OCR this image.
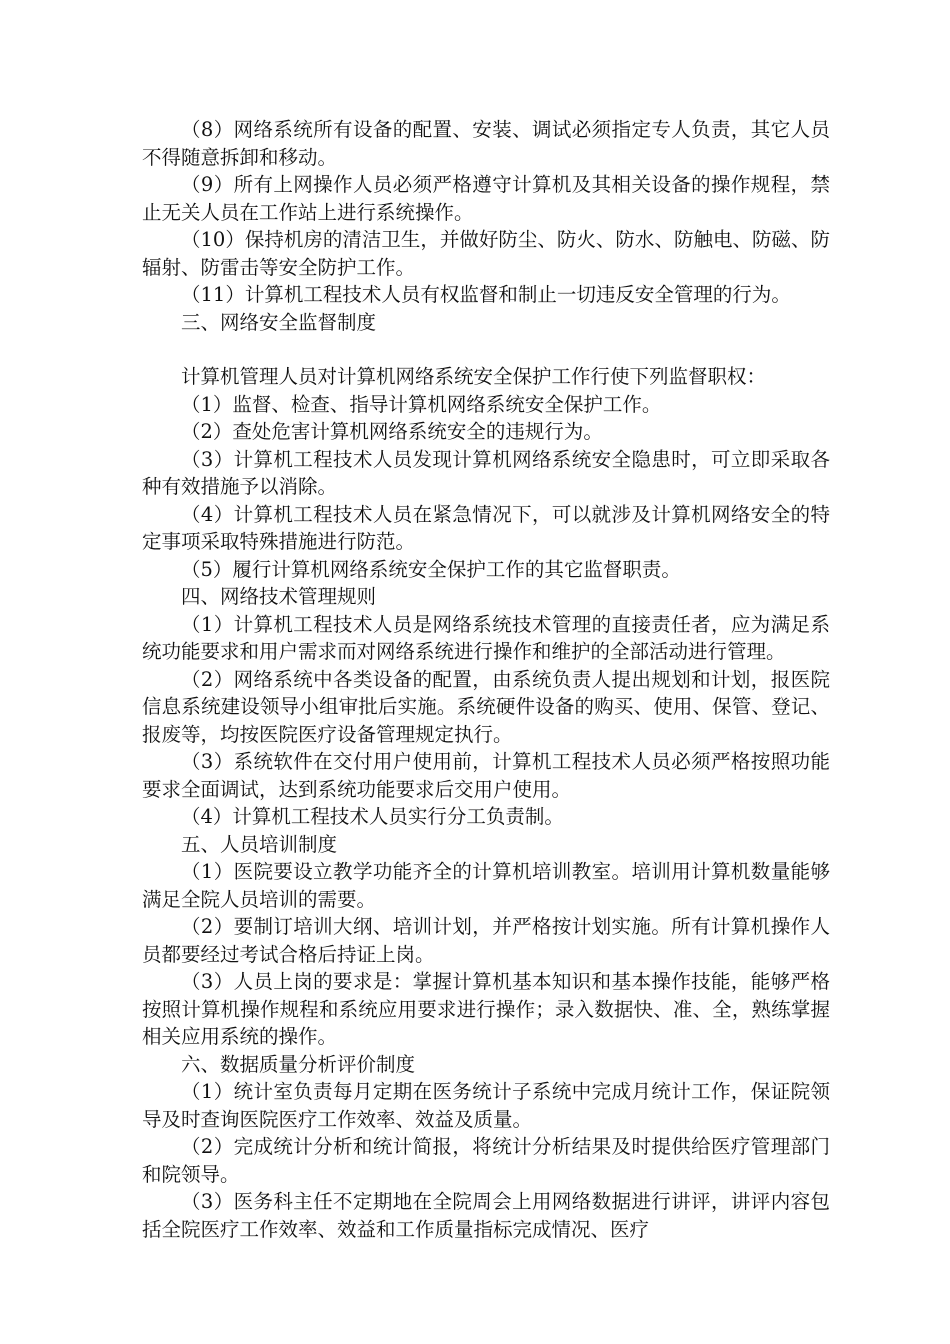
（8）网络系统所有设备的配置、安装、调试必须指定专人负责，其它人员不得随意拆卸和移动。

（9）所有上网操作人员必须严格遵守计算机及其相关设备的操作规程，禁止无关人员在工作站上进行系统操作。

（10）保持机房的清洁卫生，并做好防尘、防火、防水、防触电、防磁、防辐射、防雷击等安全防护工作。

（11）计算机工程技术人员有权监督和制止一切违反安全管理的行为。

三、网络安全监督制度

计算机管理人员对计算机网络系统安全保护工作行使下列监督职权：

（1）监督、检查、指导计算机网络系统安全保护工作。

（2）查处危害计算机网络系统安全的违规行为。

（3）计算机工程技术人员发现计算机网络系统安全隐患时，可立即采取各种有效措施予以消除。

（4）计算机工程技术人员在紧急情况下，可以就涉及计算机网络安全的特定事项采取特殊措施进行防范。

（5）履行计算机网络系统安全保护工作的其它监督职责。

四、网络技术管理规则

（1）计算机工程技术人员是网络系统技术管理的直接责任者，应为满足系统功能要求和用户需求而对网络系统进行操作和维护的全部活动进行管理。

（2）网络系统中各类设备的配置，由系统负责人提出规划和计划，报医院信息系统建设领导小组审批后实施。系统硬件设备的购买、使用、保管、登记、报废等，均按医院医疗设备管理规定执行。

（3）系统软件在交付用户使用前，计算机工程技术人员必须严格按照功能要求全面调试，达到系统功能要求后交用户使用。

（4）计算机工程技术人员实行分工负责制。

五、人员培训制度

（1）医院要设立教学功能齐全的计算机培训教室。培训用计算机数量能够满足全院人员培训的需要。

（2）要制订培训大纲、培训计划，并严格按计划实施。所有计算机操作人员都要经过考试合格后持证上岗。

（3）人员上岗的要求是：掌握计算机基本知识和基本操作技能，能够严格按照计算机操作规程和系统应用要求进行操作；录入数据快、准、全，熟练掌握相关应用系统的操作。

六、数据质量分析评价制度

（1）统计室负责每月定期在医务统计子系统中完成月统计工作，保证院领导及时查询医院医疗工作效率、效益及质量。

（2）完成统计分析和统计简报，将统计分析结果及时提供给医疗管理部门和院领导。

（3）医务科主任不定期地在全院周会上用网络数据进行讲评，讲评内容包括全院医疗工作效率、效益和工作质量指标完成情况、医疗
